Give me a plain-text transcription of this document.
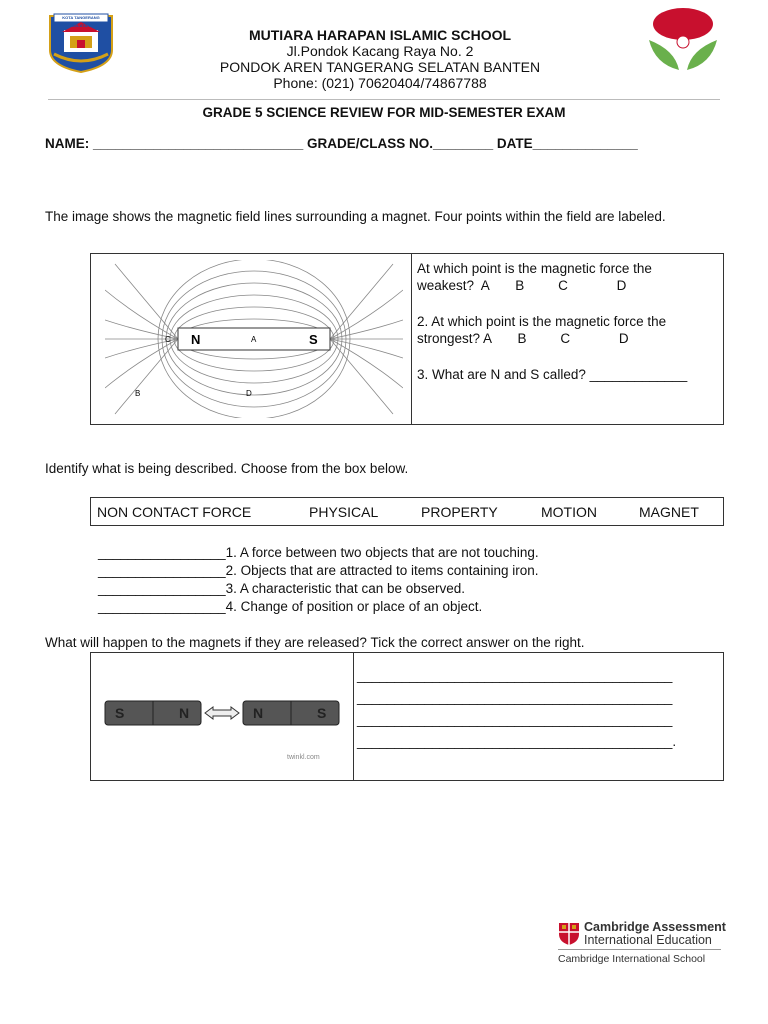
KOTA TANGERANG SELATAN
MUTIARA HARAPAN ISLAMIC SCHOOL
Jl.Pondok Kacang Raya No. 2
PONDOK AREN TANGERANG SELATAN BANTEN
Phone: (021) 70620404/74867788
GRADE 5 SCIENCE REVIEW FOR MID-SEMESTER EXAM
NAME: ____________________________ GRADE/CLASS NO.________ DATE______________
The image shows the magnetic field lines surrounding a magnet. Four points within the field are labeled.
N	S
A
B
C
D
At which point is the magnetic force the
weakest?  A       B         C             D
2. At which point is the magnetic force the
strongest? A       B         C             D
3. What are N and S called? _____________
Identify what is being described. Choose from the box below.
NON CONTACT FORCE	PHYSICAL	PROPERTY	MOTION	MAGNET
_________________1. A force between two objects that are not touching.
_________________2. Objects that are attracted to items containing iron.
_________________3. A characteristic that can be observed.
_________________4. Change of position or place of an object.
What will happen to the magnets if they are released? Tick the correct answer on the right.
S	N	N	S
twinkl.com
__________________________________________
__________________________________________
__________________________________________
__________________________________________.
Cambridge Assessment
International Education
Cambridge International School
